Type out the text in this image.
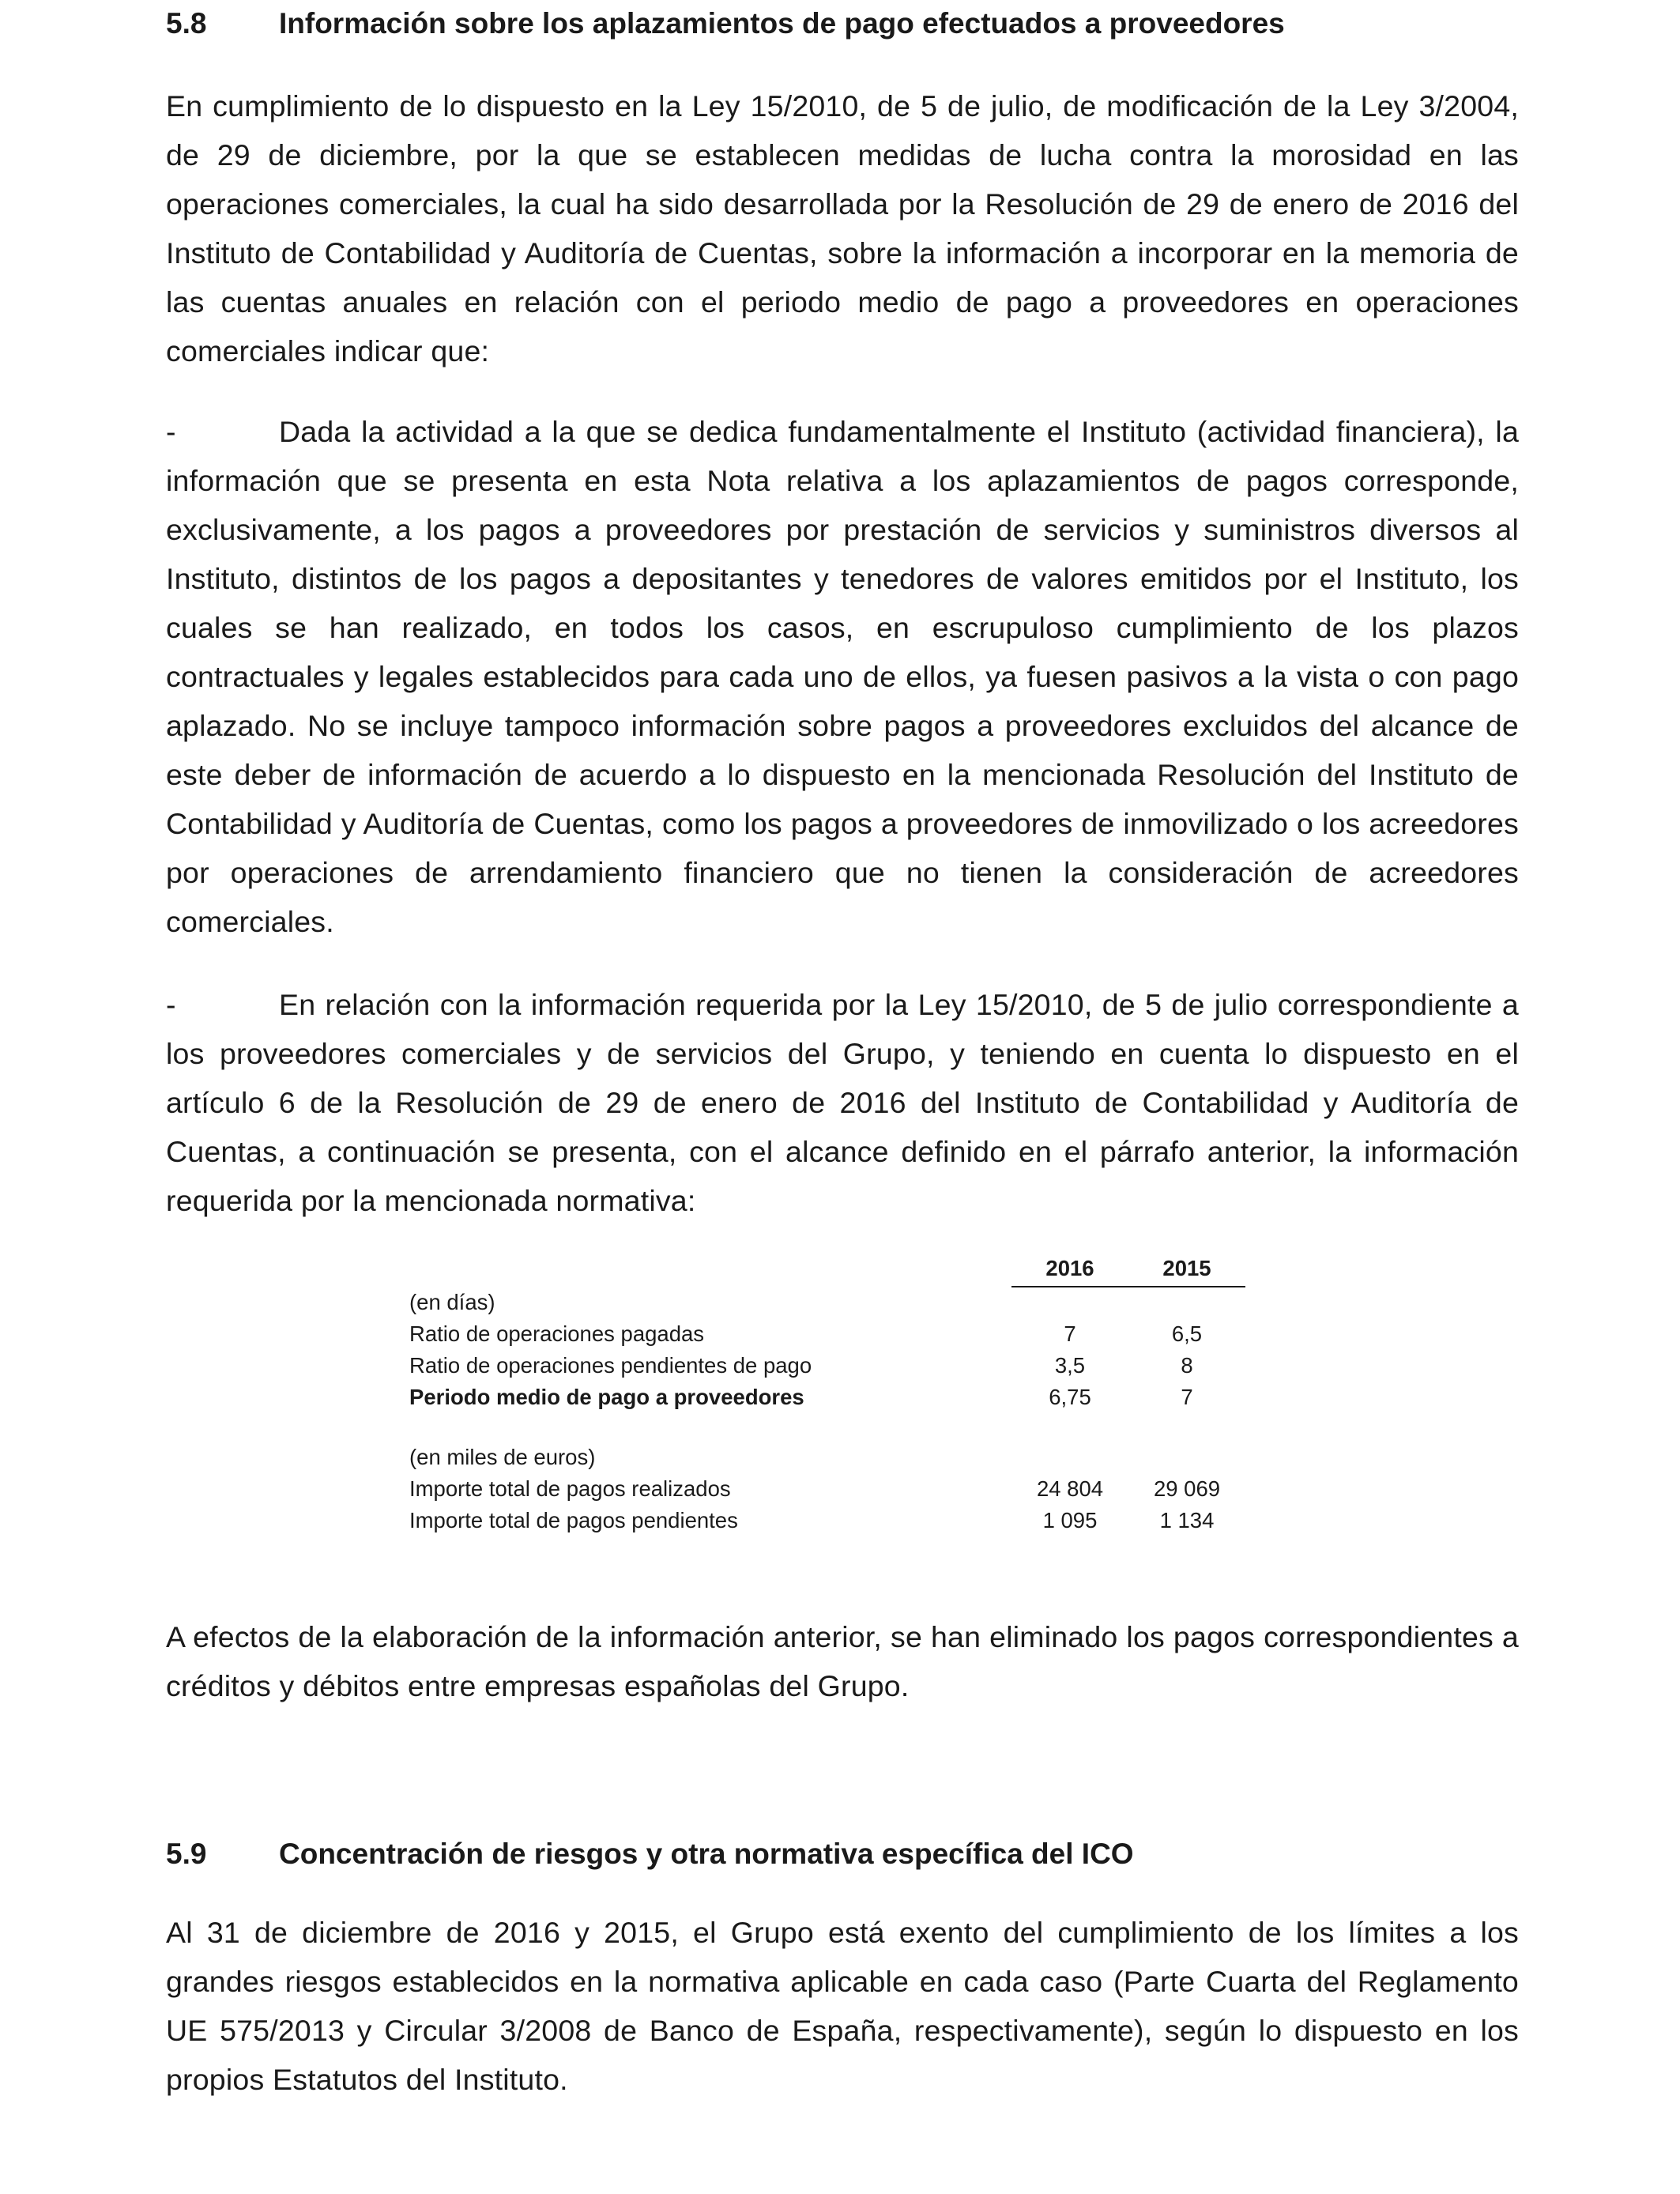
5.8 Información sobre los aplazamientos de pago efectuados a proveedores
En cumplimiento de lo dispuesto en la Ley 15/2010, de 5 de julio, de modificación de la Ley 3/2004, de 29 de diciembre, por la que se establecen medidas de lucha contra la morosidad en las operaciones comerciales, la cual ha sido desarrollada por la Resolución de 29 de enero de 2016 del Instituto de Contabilidad y Auditoría de Cuentas, sobre la información a incorporar en la memoria de las cuentas anuales en relación con el periodo medio de pago a proveedores en operaciones comerciales indicar que:
-	Dada la actividad a la que se dedica fundamentalmente el Instituto (actividad financiera), la información que se presenta en esta Nota relativa a los aplazamientos de pagos corresponde, exclusivamente, a los pagos a proveedores por prestación de servicios y suministros diversos al Instituto, distintos de los pagos a depositantes y tenedores de valores emitidos por el Instituto, los cuales se han realizado, en todos los casos, en escrupuloso cumplimiento de los plazos contractuales y legales establecidos para cada uno de ellos, ya fuesen pasivos a la vista o con pago aplazado. No se incluye tampoco información sobre pagos a proveedores excluidos del alcance de este deber de información de acuerdo a lo dispuesto en la mencionada Resolución del Instituto de Contabilidad y Auditoría de Cuentas, como los pagos a proveedores de inmovilizado o los acreedores por operaciones de arrendamiento financiero que no tienen la consideración de acreedores comerciales.
-	En relación con la información requerida por la Ley 15/2010, de 5 de julio correspondiente a los proveedores comerciales y de servicios del Grupo, y teniendo en cuenta lo dispuesto en el artículo 6 de la Resolución de 29 de enero de 2016 del Instituto de Contabilidad y Auditoría de Cuentas, a continuación se presenta, con el alcance definido en el párrafo anterior, la información requerida por la mencionada normativa:
	2016	2015
(en días)		
Ratio de operaciones pagadas	7	6,5
Ratio de operaciones pendientes de pago	3,5	8
Periodo medio de pago a proveedores	6,75	7

(en miles de euros)		
Importe total de pagos realizados	24 804	29 069
Importe total de pagos pendientes	1 095	1 134
A efectos de la elaboración de la información anterior, se han eliminado los pagos correspondientes a créditos y débitos entre empresas españolas del Grupo.
5.9 Concentración de riesgos y otra normativa específica del ICO
Al 31 de diciembre de 2016 y 2015, el Grupo está exento del cumplimiento de los límites a los grandes riesgos establecidos en la normativa aplicable en cada caso (Parte Cuarta del Reglamento UE 575/2013 y Circular 3/2008 de Banco de España, respectivamente), según lo dispuesto en los propios Estatutos del Instituto.
